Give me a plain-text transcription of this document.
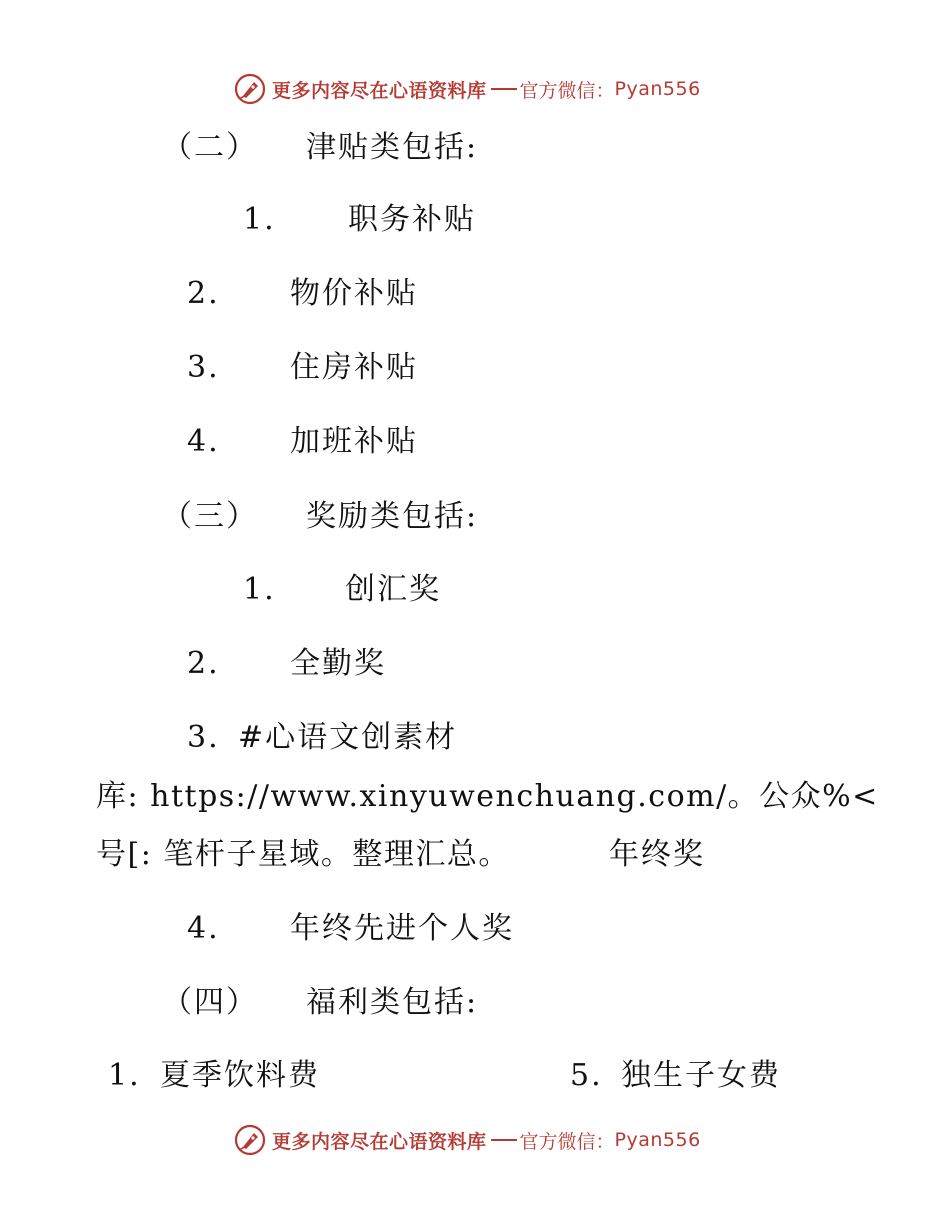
更多内容尽在心语资料库 官方微信： Pyan556
（二） 津贴类包括:
1. 职务补贴
2. 物价补贴
3. 住房补贴
4. 加班补贴
（三） 奖励类包括:
1. 创汇奖
2. 全勤奖
3. #心语文创素材
库: https://www.xinyuwenchuang.com/。公众%<
号[: 笔杆子星域。整理汇总。	年终奖
4. 年终先进个人奖
（四） 福利类包括:
1. 夏季饮料费	5. 独生子女费
更多内容尽在心语资料库 官方微信： Pyan556
